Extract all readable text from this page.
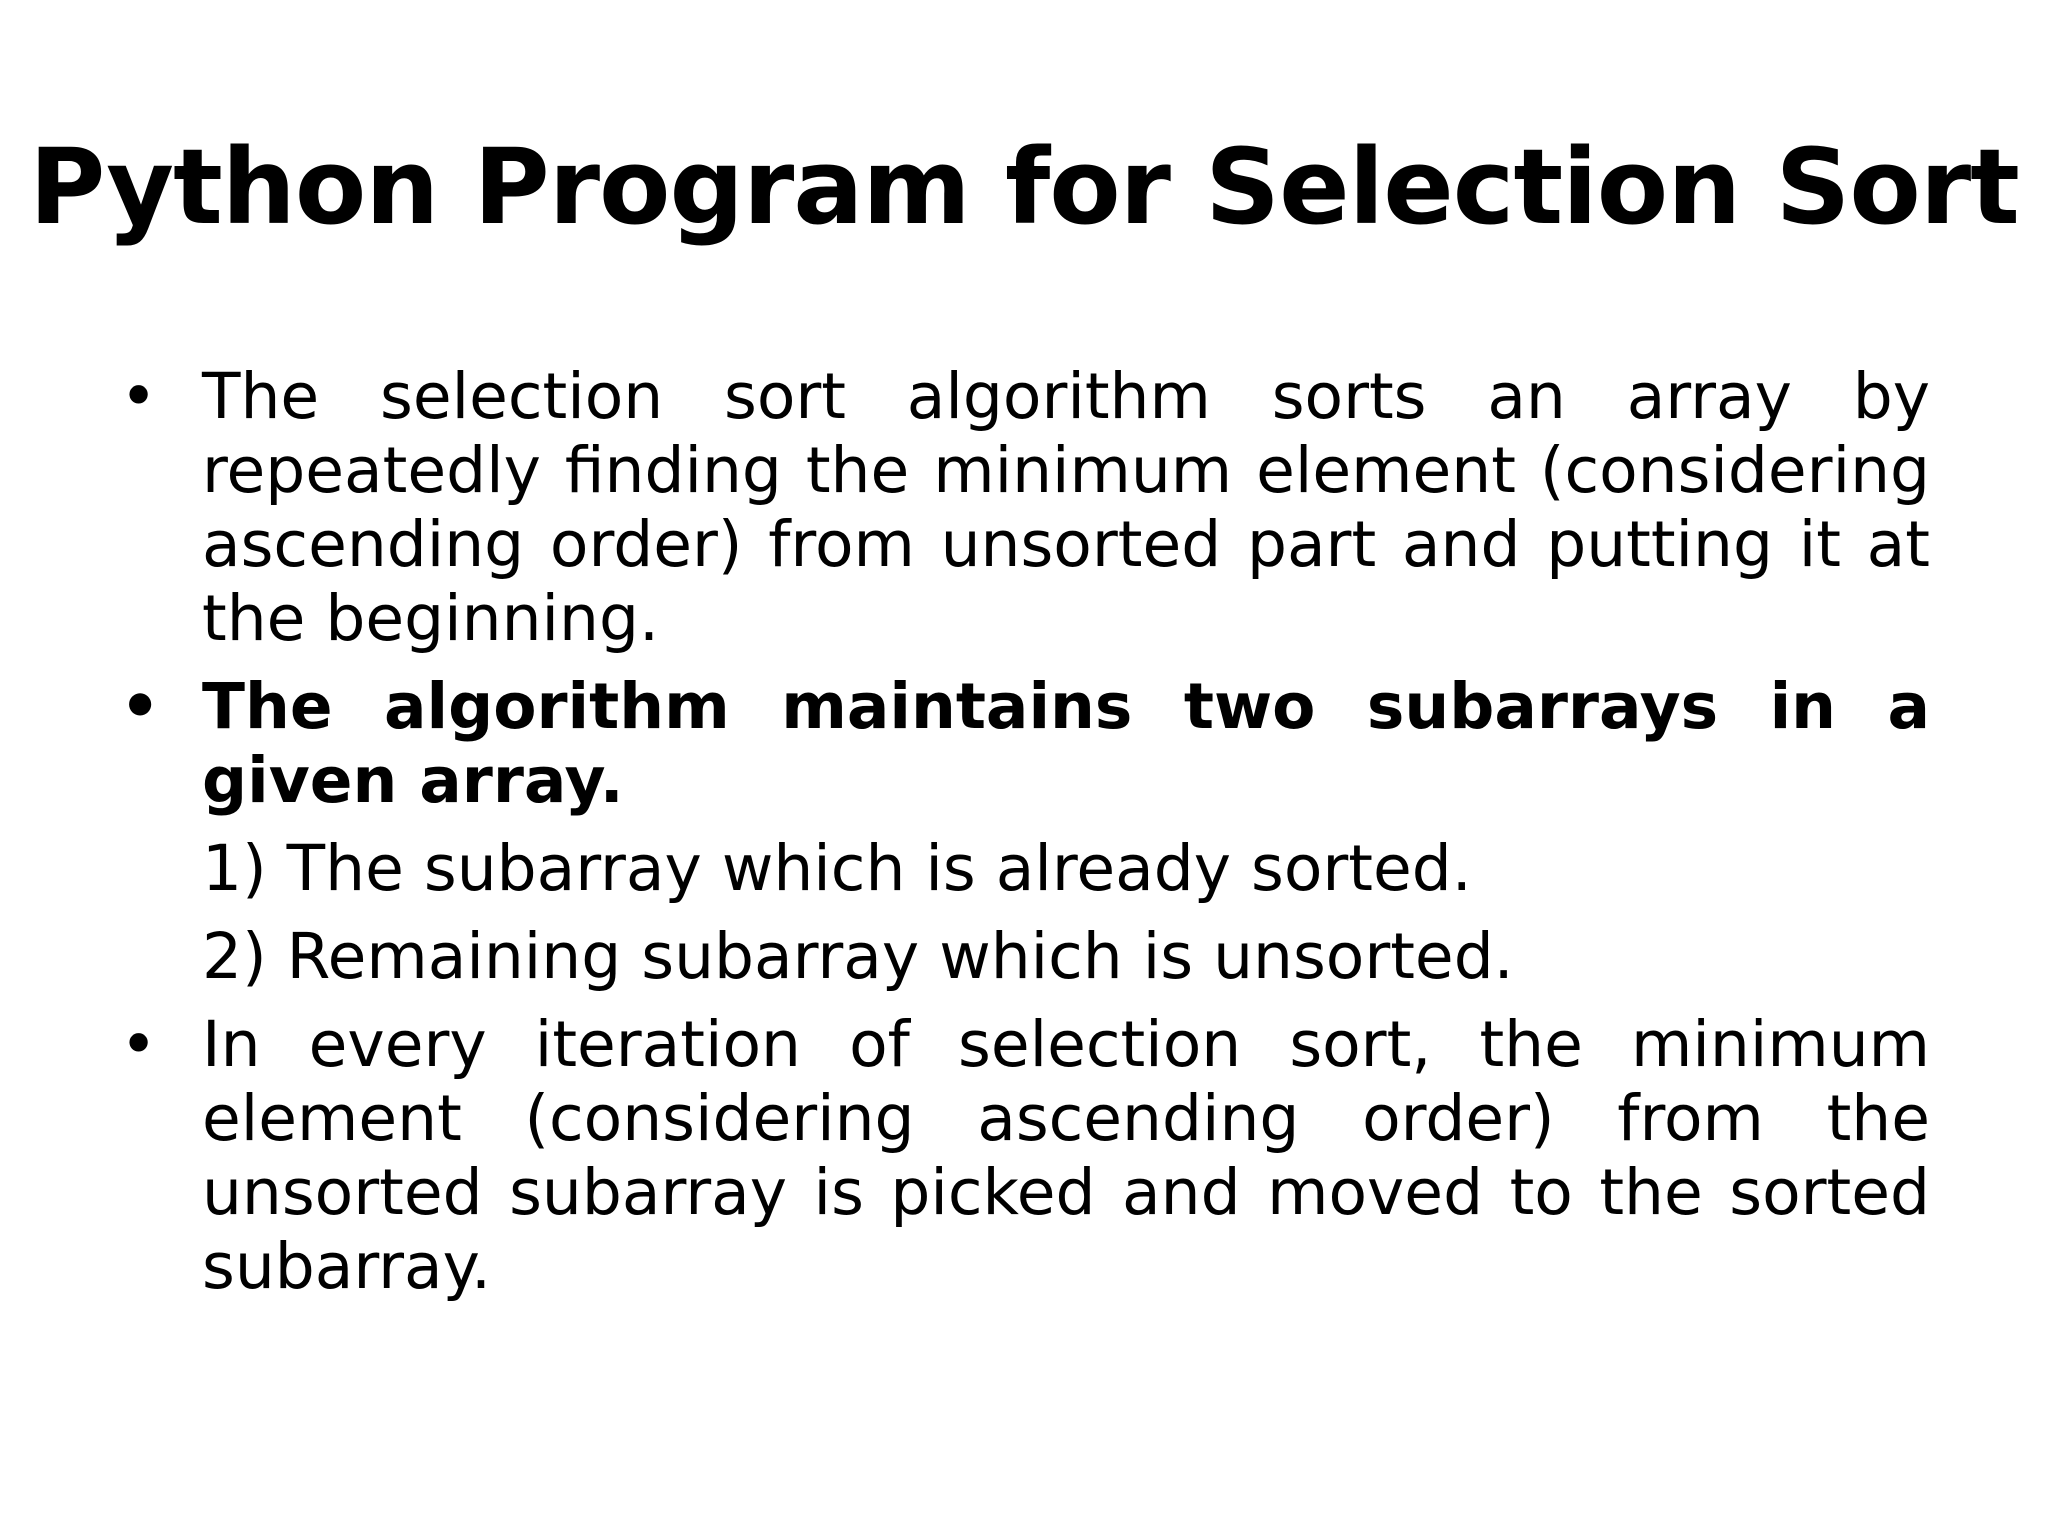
Python Program for Selection Sort

• The selection sort algorithm sorts an array by repeatedly finding the minimum element (considering ascending order) from unsorted part and putting it at the beginning.

• The algorithm maintains two subarrays in a given array.

1) The subarray which is already sorted.
2) Remaining subarray which is unsorted.

• In every iteration of selection sort, the minimum element (considering ascending order) from the unsorted subarray is picked and moved to the sorted subarray.
